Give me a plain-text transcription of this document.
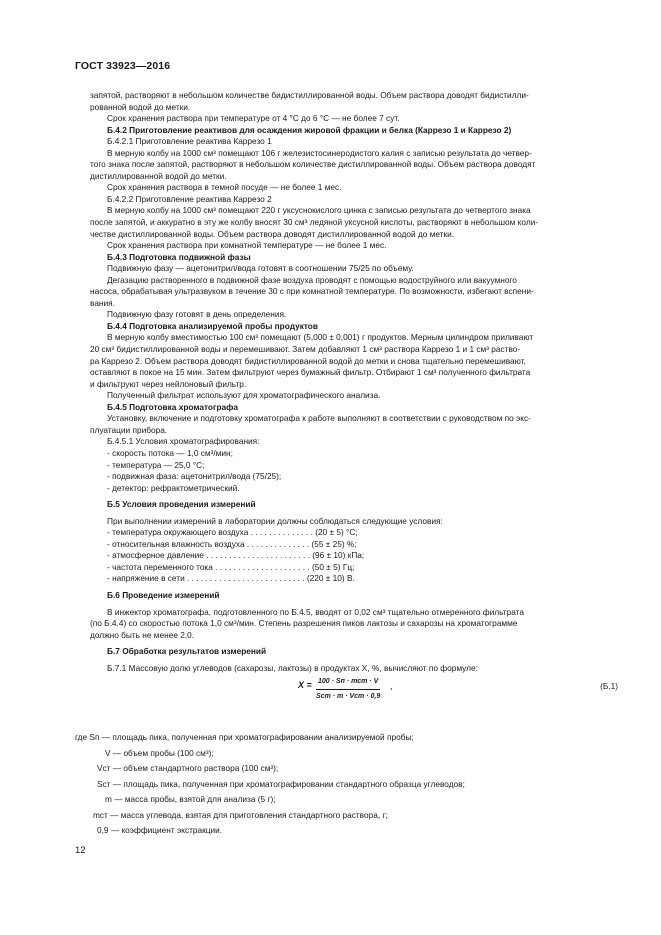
ГОСТ 33923—2016

запятой, растворяют в небольшом количестве бидистиллированной воды. Объем раствора доводят бидистилли-

рованной водой до метки.

Срок хранения раствора при температуре от 4 °С до 6 °С — не более 7 сут.

Б.4.2 Приготовление реактивов для осаждения жировой фракции и белка (Каррезо 1 и Каррезо 2)

Б.4.2.1 Приготовление реактива Каррезо 1

В мерную колбу на 1000 см³ помещают 106 г железистосинеродистого калия с записью результата до четвер-

того знака после запятой, растворяют в небольшом количестве дистиллированной воды. Объем раствора доводят

дистиллированной водой до метки.

Срок хранения раствора в темной посуде — не более 1 мес.

Б.4.2.2 Приготовление реактива Каррезо 2

В мерную колбу на 1000 см³ помещают 220 г уксуснокислого цинка с записью результата до четвертого знака

после запятой, и аккуратно в эту же колбу вносят 30 см³ ледяной уксусной кислоты, растворяют в небольшом коли-

честве дистиллированной воды. Объем раствора доводят дистиллированной водой до метки.

Срок хранения раствора при комнатной температуре — не более 1 мес.

Б.4.3 Подготовка подвижной фазы

Подвижную фазу — ацетонитрил/вода готовят в соотношении 75/25 по объему.

Дегазацию растворенного в подвижной фазе воздуха проводят с помощью водоструйного или вакуумного

насоса, обрабатывая ультразвуком в течение 30 с при комнатной температуре. По возможности, избегают вспени-

вания.

Подвижную фазу готовят в день определения.

Б.4.4 Подготовка анализируемой пробы продуктов

В мерную колбу вместимостью 100 см³ помещают (5,000 ± 0,001) г продуктов. Мерным цилиндром приливают

20 см³ бидистиллированной воды и перемешивают. Затем добавляют 1 см³ раствора Каррезо 1 и 1 см³ раство-

ра Каррезо 2. Объем раствора доводят бидистиллированной водой до метки и снова тщательно перемешивают,

оставляют в покое на 15 мин. Затем фильтруют через бумажный фильтр. Отбирают 1 см³ полученного фильтрата

и фильтруют через нейлоновый фильтр.

Полученный фильтрат используют для хроматографического анализа.

Б.4.5 Подготовка хроматографа

Установку, включение и подготовку хроматографа к работе выполняют в соответствии с руководством по экс-

плуатации прибора.

Б.4.5.1 Условия хроматографирования:

- скорость потока — 1,0 см³/мин;

- температура — 25,0 °С;

- подвижная фаза: ацетонитрил/вода (75/25);

- детектор: рефрактометрический.

Б.5 Условия проведения измерений

При выполнении измерений в лаборатории должны соблюдаться следующие условия:

- температура окружающего воздуха . . . . . . . . . . . . . . (20 ± 5) °С;

- относительная влажность воздуха . . . . . . . . . . . . . . (55 ± 25) %;

- атмосферное давление . . . . . . . . . . . . . . . . . . . . . . . (96 ± 10) кПа;

- частота переменного тока . . . . . . . . . . . . . . . . . . . . . (50 ± 5) Гц;

- напряжение в сети . . . . . . . . . . . . . . . . . . . . . . . . . . (220 ± 10) В.

Б.6 Проведение измерений

В инжектор хроматографа, подготовленного по Б.4.5, вводят от 0,02 см³ тщательно отмеренного фильтрата

(по Б.4.4) со скоростью потока 1,0 см³/мин. Степень разрешения пиков лактозы и сахарозы на хроматограмме

должно быть не менее 2,0.

Б.7 Обработка результатов измерений

Б.7.1 Массовую долю углеводов (сахарозы, лактозы) в продуктах X, %, вычисляют по формуле:

X = 100 · Sп · mст · V
Sст · m · Vст · 0,9
,	(Б.1)
где Sп — площадь пика, полученная при хроматографировании анализируемой пробы;
V — объем пробы (100 см³);
Vст — объем стандартного раствора (100 см³);
Sст — площадь пика, полученная при хроматографировании стандартного образца углеводов;
m — масса пробы, взятой для анализа (5 г);
mст — масса углевода, взятая для приготовления стандартного раствора, г;
0,9 — коэффициент экстракции.
12
